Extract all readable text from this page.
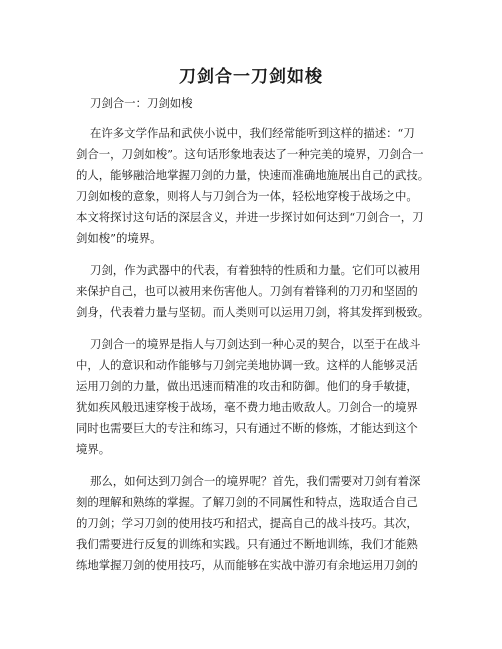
刀剑合一刀剑如梭

刀剑合一：刀剑如梭

在许多文学作品和武侠小说中，我们经常能听到这样的描述：“刀

剑合一，刀剑如梭”。这句话形象地表达了一种完美的境界，刀剑合一

的人，能够融洽地掌握刀剑的力量，快速而准确地施展出自己的武技。

刀剑如梭的意象，则将人与刀剑合为一体，轻松地穿梭于战场之中。

本文将探讨这句话的深层含义，并进一步探讨如何达到“刀剑合一，刀

剑如梭”的境界。

刀剑，作为武器中的代表，有着独特的性质和力量。它们可以被用

来保护自己，也可以被用来伤害他人。刀剑有着锋利的刀刃和坚固的

剑身，代表着力量与坚韧。而人类则可以运用刀剑，将其发挥到极致。

刀剑合一的境界是指人与刀剑达到一种心灵的契合，以至于在战斗

中，人的意识和动作能够与刀剑完美地协调一致。这样的人能够灵活

运用刀剑的力量，做出迅速而精准的攻击和防御。他们的身手敏捷，

犹如疾风般迅速穿梭于战场，毫不费力地击败敌人。刀剑合一的境界

同时也需要巨大的专注和练习，只有通过不断的修炼，才能达到这个

境界。

那么，如何达到刀剑合一的境界呢？首先，我们需要对刀剑有着深

刻的理解和熟练的掌握。了解刀剑的不同属性和特点，选取适合自己

的刀剑；学习刀剑的使用技巧和招式，提高自己的战斗技巧。其次，

我们需要进行反复的训练和实践。只有通过不断地训练，我们才能熟

练地掌握刀剑的使用技巧，从而能够在实战中游刃有余地运用刀剑的
